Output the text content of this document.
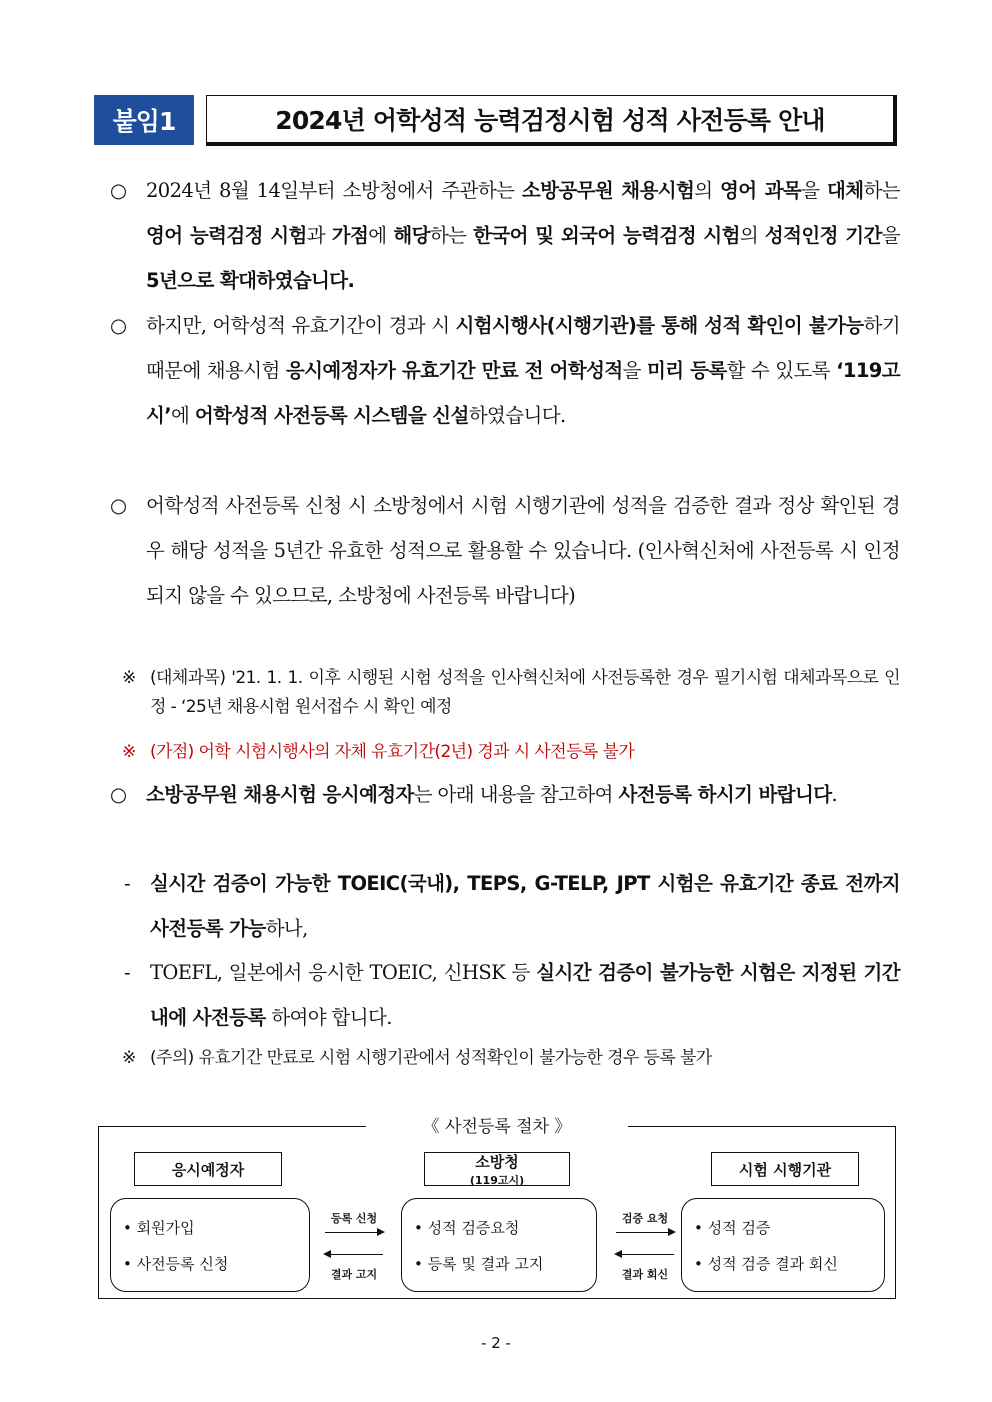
붙임1	2024년 어학성적 능력검정시험 성적 사전등록 안내
○ 2024년 8월 14일부터 소방청에서 주관하는 소방공무원 채용시험의 영어 과목을 대체하는 영어 능력검정 시험과 가점에 해당하는 한국어 및 외국어 능력검정 시험의 성적인정 기간을 5년으로 확대하였습니다.
○ 하지만, 어학성적 유효기간이 경과 시 시험시행사(시행기관)를 통해 성적 확인이 불가능하기 때문에 채용시험 응시예정자가 유효기간 만료 전 어학성적을 미리 등록할 수 있도록 ‘119고시’에 어학성적 사전등록 시스템을 신설하였습니다.
○ 어학성적 사전등록 신청 시 소방청에서 시험 시행기관에 성적을 검증한 결과 정상 확인된 경우 해당 성적을 5년간 유효한 성적으로 활용할 수 있습니다. (인사혁신처에 사전등록 시 인정되지 않을 수 있으므로, 소방청에 사전등록 바랍니다)
※ (대체과목) '21. 1. 1. 이후 시행된 시험 성적을 인사혁신처에 사전등록한 경우 필기시험 대체과목으로 인정 - ‘25년 채용시험 원서접수 시 확인 예정
※ (가점) 어학 시험시행사의 자체 유효기간(2년) 경과 시 사전등록 불가
○ 소방공무원 채용시험 응시예정자는 아래 내용을 참고하여 사전등록 하시기 바랍니다.
- 실시간 검증이 가능한 TOEIC(국내), TEPS, G-TELP, JPT 시험은 유효기간 종료 전까지 사전등록 가능하나,
- TOEFL, 일본에서 응시한 TOEIC, 신HSK 등 실시간 검증이 불가능한 시험은 지정된 기간 내에 사전등록 하여야 합니다.
※ (주의) 유효기간 만료로 시험 시행기관에서 성적확인이 불가능한 경우 등록 불가
《 사전등록 절차 》
응시예정자	소방청
(119고시)
시험 시행기관
• 회원가입
• 사전등록 신청
• 성적 검증요청
• 등록 및 결과 고지
• 성적 검증
• 성적 검증 결과 회신
등록 신청
결과 고지
검증 요청
결과 회신
- 2 -
